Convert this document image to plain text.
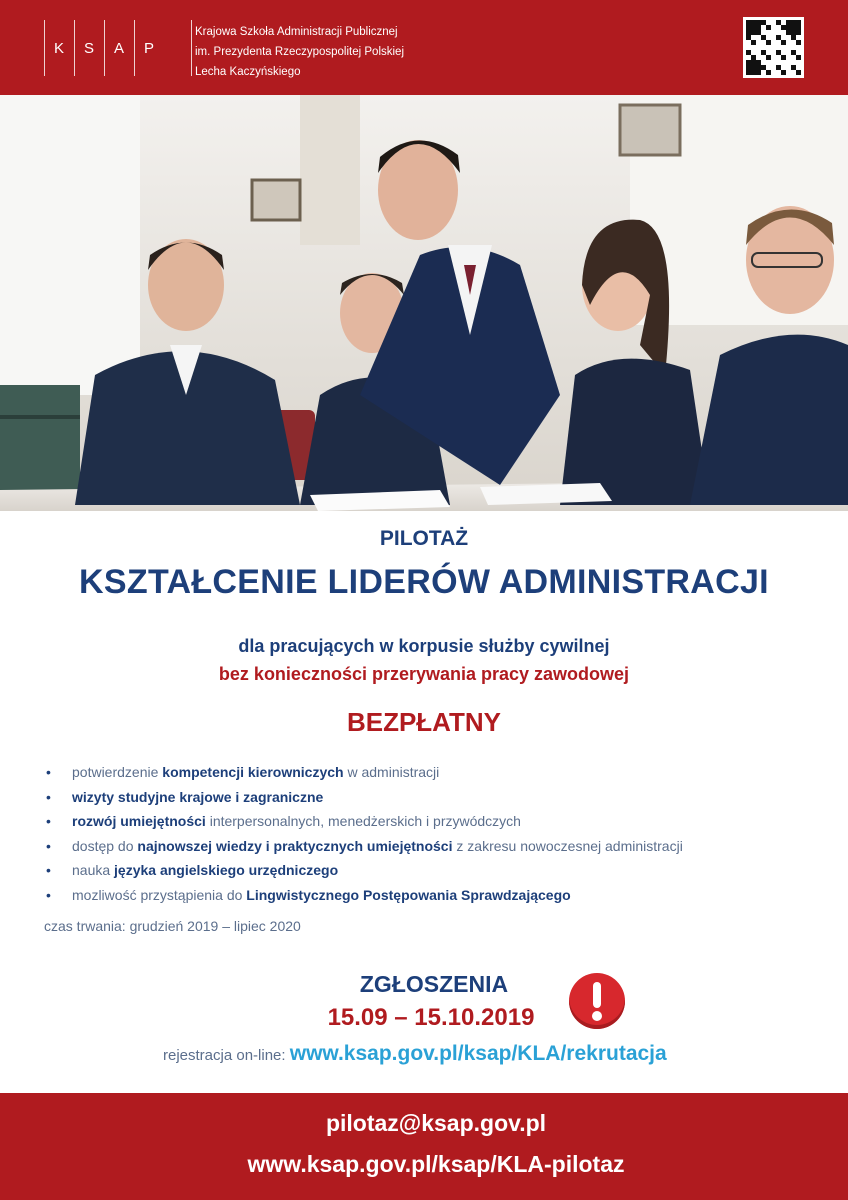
K	S	A	P
Krajowa Szkoła Administracji Publicznej
im. Prezydenta Rzeczypospolitej Polskiej
Lecha Kaczyńskiego
PILOTAŻ
KSZTAŁCENIE LIDERÓW ADMINISTRACJI
dla pracujących w korpusie służby cywilnej
bez konieczności przerywania pracy zawodowej
BEZPŁATNY
• potwierdzenie kompetencji kierowniczych w administracji
• wizyty studyjne krajowe i zagraniczne
• rozwój umiejętności interpersonalnych, menedżerskich i przywódczych
• dostęp do najnowszej wiedzy i praktycznych umiejętności z zakresu nowoczesnej administracji
• nauka języka angielskiego urzędniczego
• mozliwość przystąpienia do Lingwistycznego Postępowania Sprawdzającego
czas trwania: grudzień 2019 – lipiec 2020
ZGŁOSZENIA
15.09 – 15.10.2019
rejestracja on-line: www.ksap.gov.pl/ksap/KLA/rekrutacja
pilotaz@ksap.gov.pl
www.ksap.gov.pl/ksap/KLA-pilotaz
